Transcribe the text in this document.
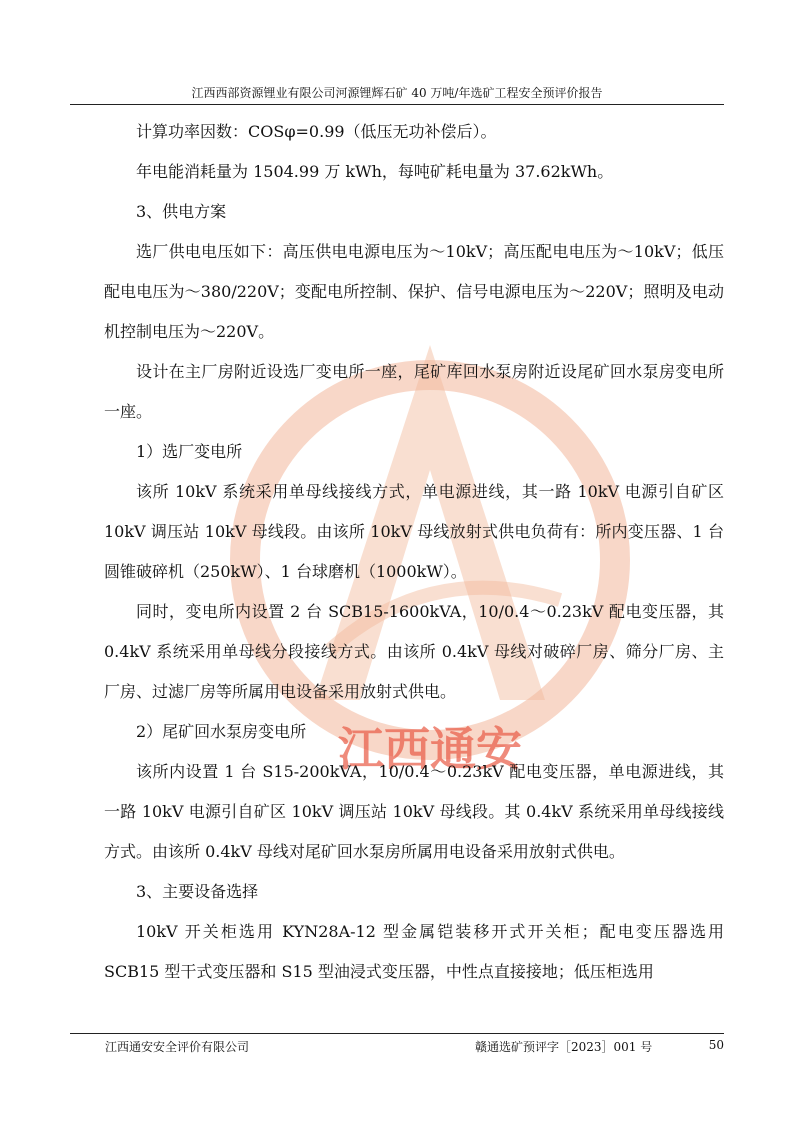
江西通安
江西西部资源锂业有限公司河源锂辉石矿 40 万吨/年选矿工程安全预评价报告

计算功率因数：COSφ=0.99（低压无功补偿后）。

年电能消耗量为 1504.99 万 kWh，每吨矿耗电量为 37.62kWh。

3、供电方案

选厂供电电压如下：高压供电电源电压为～10kV；高压配电电压为～10kV；低压配电电压为～380/220V；变配电所控制、保护、信号电源电压为～220V；照明及电动机控制电压为～220V。

设计在主厂房附近设选厂变电所一座，尾矿库回水泵房附近设尾矿回水泵房变电所一座。

1）选厂变电所

该所 10kV 系统采用单母线接线方式，单电源进线，其一路 10kV 电源引自矿区 10kV 调压站 10kV 母线段。由该所 10kV 母线放射式供电负荷有：所内变压器、1 台圆锥破碎机（250kW）、1 台球磨机（1000kW）。

同时，变电所内设置 2 台 SCB15-1600kVA，10/0.4～0.23kV 配电变压器，其 0.4kV 系统采用单母线分段接线方式。由该所 0.4kV 母线对破碎厂房、筛分厂房、主厂房、过滤厂房等所属用电设备采用放射式供电。

2）尾矿回水泵房变电所

该所内设置 1 台 S15-200kVA，10/0.4～0.23kV 配电变压器，单电源进线，其一路 10kV 电源引自矿区 10kV 调压站 10kV 母线段。其 0.4kV 系统采用单母线接线方式。由该所 0.4kV 母线对尾矿回水泵房所属用电设备采用放射式供电。

3、主要设备选择

10kV 开关柜选用 KYN28A-12 型金属铠装移开式开关柜；配电变压器选用 SCB15 型干式变压器和 S15 型油浸式变压器，中性点直接接地；低压柜选用

江西通安安全评价有限公司	赣通选矿预评字［2023］001 号	50
